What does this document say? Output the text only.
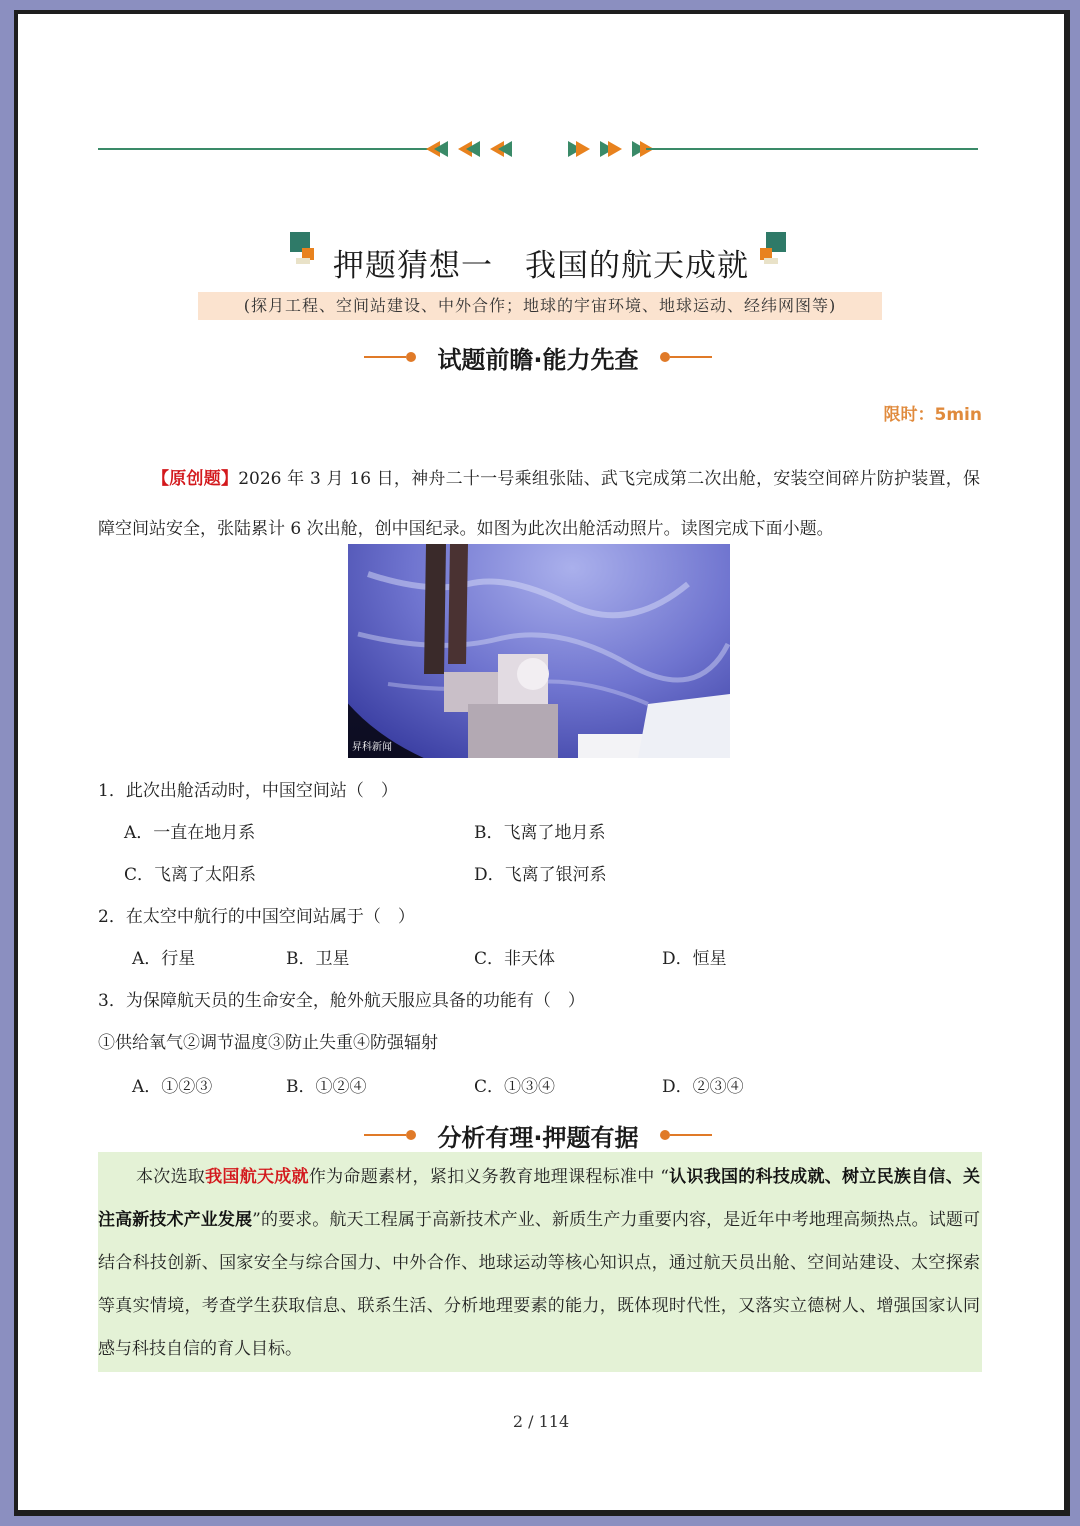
押题猜想一　我国的航天成就
(探月工程、空间站建设、中外合作；地球的宇宙环境、地球运动、经纬网图等)
试题前瞻·能力先查
限时：5min
【原创题】2026 年 3 月 16 日，神舟二十一号乘组张陆、武飞完成第二次出舱，安装空间碎片防护装置，保障空间站安全，张陆累计 6 次出舱，创中国纪录。如图为此次出舱活动照片。读图完成下面小题。
昇科新闻
1．此次出舱活动时，中国空间站（　）
A．一直在地月系	B．飞离了地月系
C．飞离了太阳系	D．飞离了银河系
2．在太空中航行的中国空间站属于（　）
A．行星	B．卫星	C．非天体	D．恒星
3．为保障航天员的生命安全，舱外航天服应具备的功能有（　）
①供给氧气②调节温度③防止失重④防强辐射
A．①②③	B．①②④	C．①③④	D．②③④
分析有理·押题有据
本次选取我国航天成就作为命题素材，紧扣义务教育地理课程标准中 “认识我国的科技成就、树立民族自信、关注高新技术产业发展”的要求。航天工程属于高新技术产业、新质生产力重要内容，是近年中考地理高频热点。试题可结合科技创新、国家安全与综合国力、中外合作、地球运动等核心知识点，通过航天员出舱、空间站建设、太空探索等真实情境，考查学生获取信息、联系生活、分析地理要素的能力，既体现时代性，又落实立德树人、增强国家认同感与科技自信的育人目标。
2 / 114
